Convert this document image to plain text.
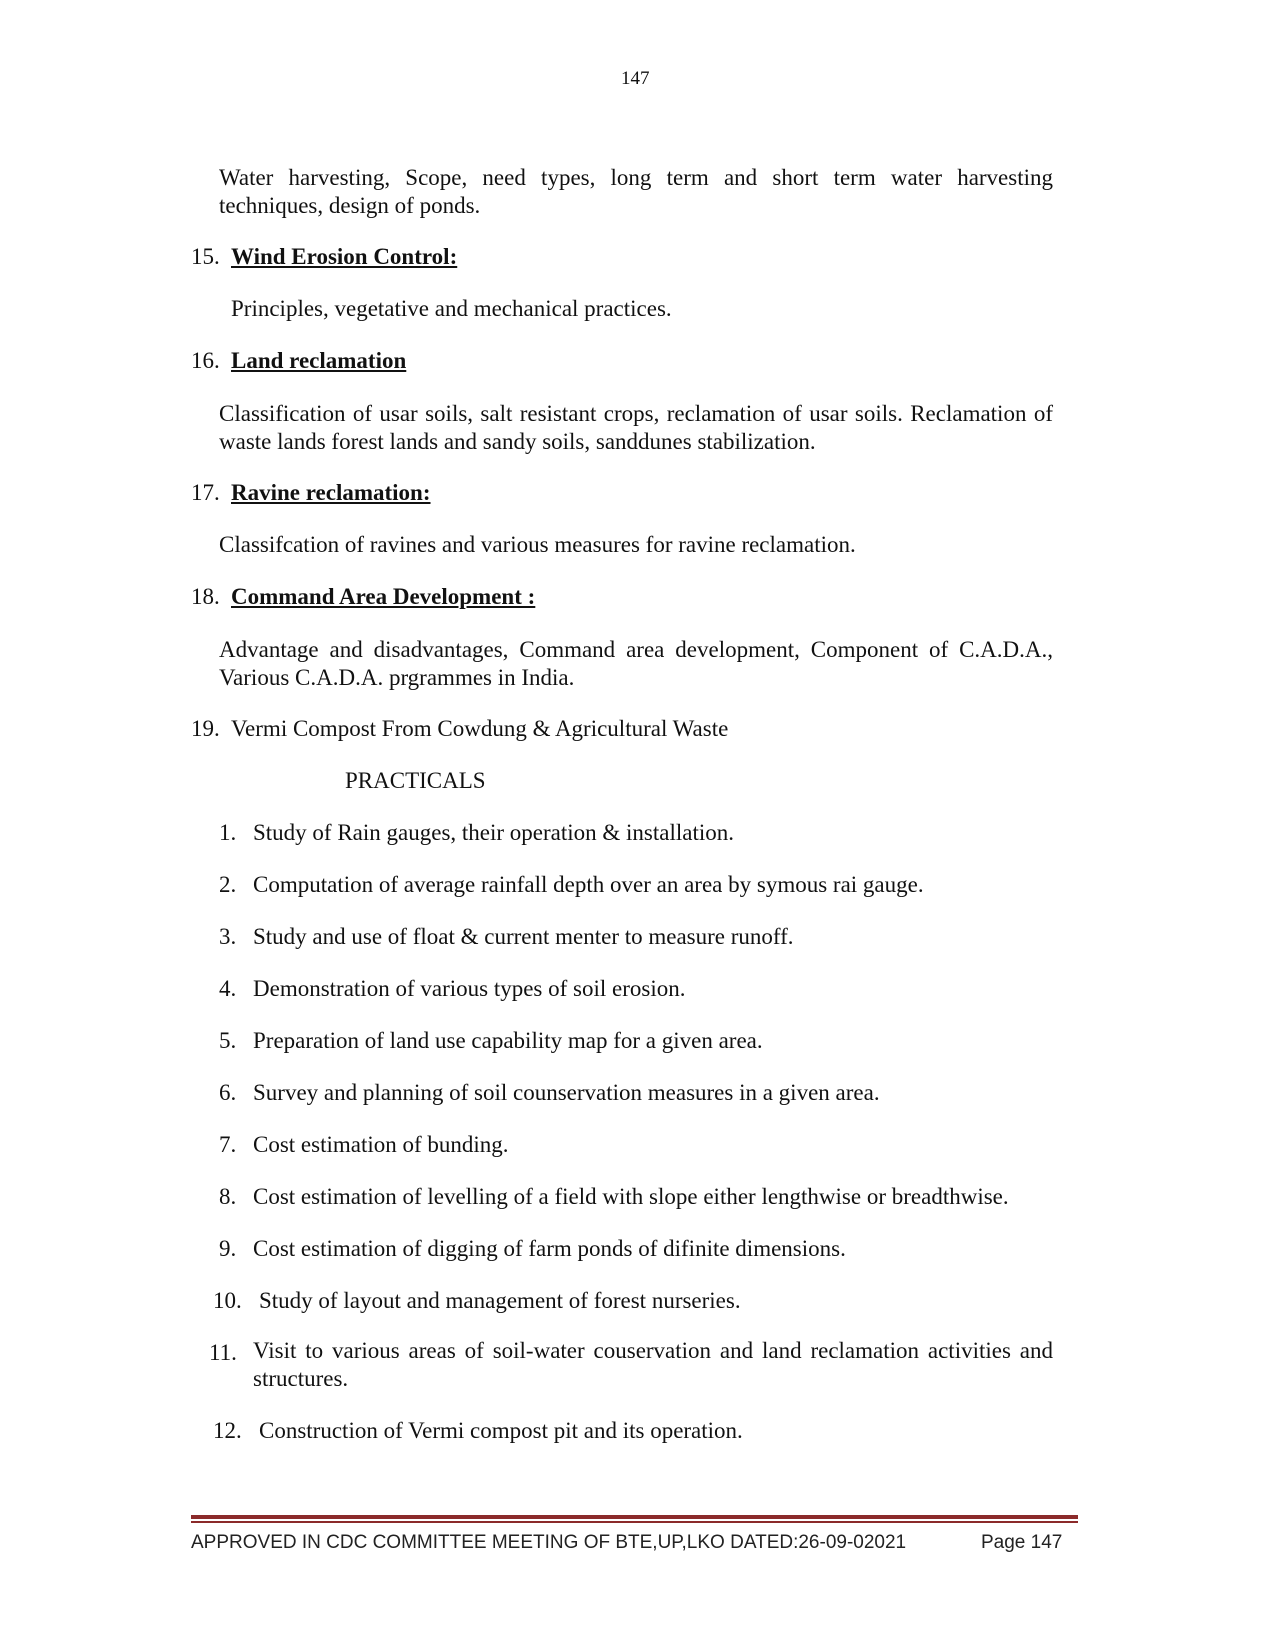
147
Water harvesting, Scope, need types, long term and short term water harvesting techniques, design of ponds.
15. Wind Erosion Control:
Principles, vegetative and mechanical practices.
16. Land reclamation
Classification of usar soils, salt resistant crops, reclamation of usar soils. Reclamation of waste lands forest lands and sandy soils, sanddunes stabilization.
17. Ravine reclamation:
Classifcation of ravines and various measures for ravine reclamation.
18. Command Area Development :
Advantage and disadvantages, Command area development, Component of C.A.D.A., Various C.A.D.A. prgrammes in India.
19. Vermi Compost From Cowdung & Agricultural Waste
PRACTICALS
1. Study of Rain gauges, their operation & installation.
2. Computation of average rainfall depth over an area by symous rai gauge.
3. Study and use of float & current menter to measure runoff.
4. Demonstration of various types of soil erosion.
5. Preparation of land use capability map for a given area.
6. Survey and planning of soil counservation measures in a given area.
7. Cost estimation of bunding.
8. Cost estimation of levelling of a field with slope either lengthwise or breadthwise.
9. Cost estimation of digging of farm ponds of difinite dimensions.
10. Study of layout and management of forest nurseries.
11. Visit to various areas of soil-water couservation and land reclamation activities and structures.
12. Construction of Vermi compost pit and its operation.
APPROVED IN CDC COMMITTEE MEETING OF BTE,UP,LKO DATED:26-09-02021	Page 147
